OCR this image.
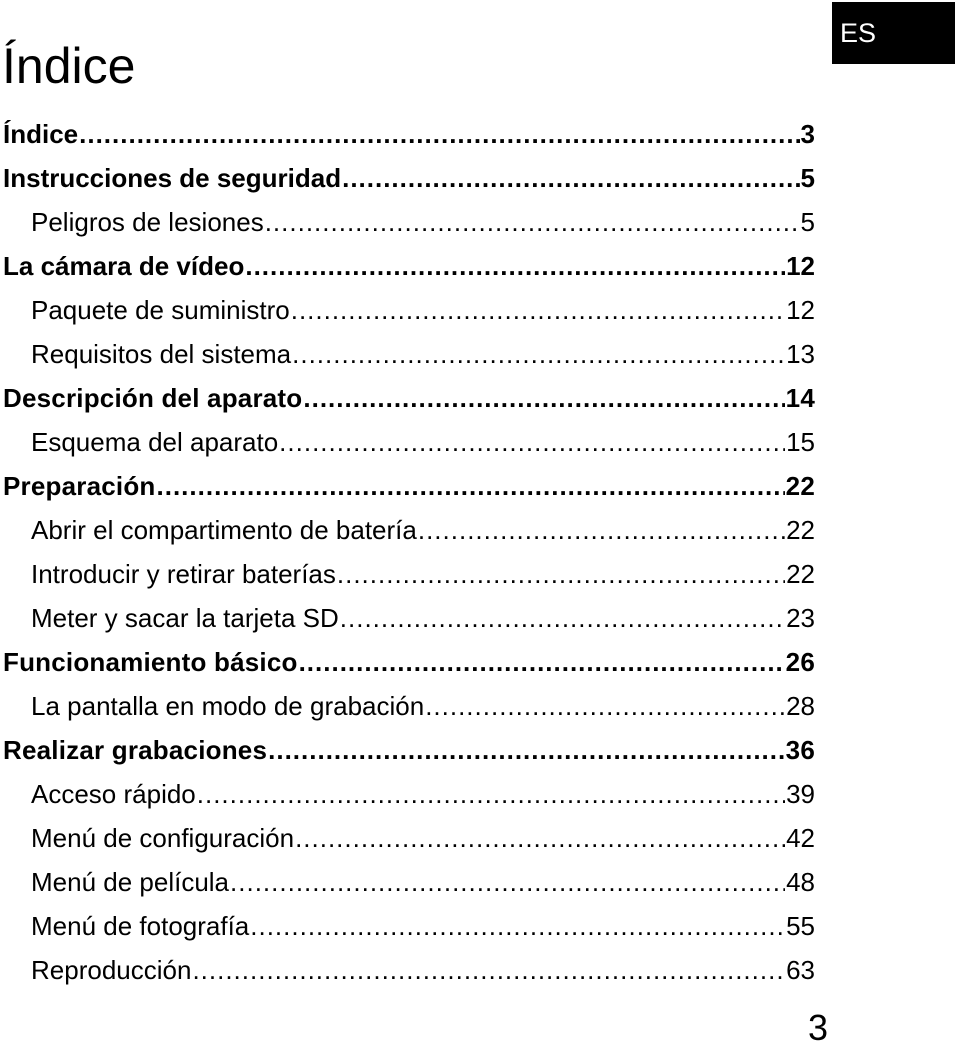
Índice
ES
Índice .....	3
Instrucciones de seguridad .....	5
Peligros de lesiones .....	5
La cámara de vídeo .....	12
Paquete de suministro .....	12
Requisitos del sistema .....	13
Descripción del aparato .....	14
Esquema del aparato .....	15
Preparación .....	22
Abrir el compartimento de batería .....	22
Introducir y retirar baterías .....	22
Meter y sacar la tarjeta SD .....	23
Funcionamiento básico .....	26
La pantalla en modo de grabación .....	28
Realizar grabaciones .....	36
Acceso rápido .....	39
Menú de configuración .....	42
Menú de película .....	48
Menú de fotografía .....	55
Reproducción .....	63
3
